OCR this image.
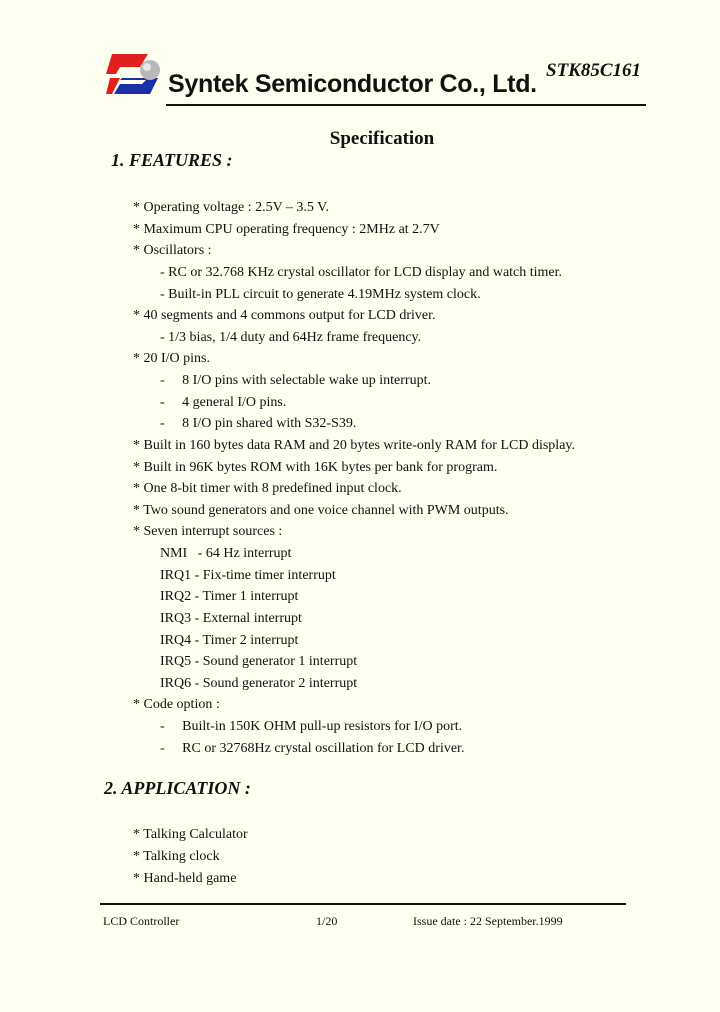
Syntek Semiconductor Co., Ltd. STK85C161
Specification
1. FEATURES :
* Operating voltage : 2.5V – 3.5 V.
* Maximum CPU operating frequency : 2MHz at 2.7V
* Oscillators :
- RC or 32.768 KHz crystal oscillator for LCD display and watch timer.
- Built-in PLL circuit to generate 4.19MHz system clock.
* 40 segments and 4 commons output for LCD driver.
- 1/3 bias, 1/4 duty and 64Hz frame frequency.
* 20 I/O pins.
-     8 I/O pins with selectable wake up interrupt.
-     4 general I/O pins.
-     8 I/O pin shared with S32-S39.
* Built in 160 bytes data RAM and 20 bytes write-only RAM for LCD display.
* Built in 96K bytes ROM with 16K bytes per bank for program.
* One 8-bit timer with 8 predefined input clock.
* Two sound generators and one voice channel with PWM outputs.
* Seven interrupt sources :
NMI   - 64 Hz interrupt
IRQ1 - Fix-time timer interrupt
IRQ2 - Timer 1 interrupt
IRQ3 - External interrupt
IRQ4 - Timer 2 interrupt
IRQ5 - Sound generator 1 interrupt
IRQ6 - Sound generator 2 interrupt
* Code option :
-     Built-in 150K OHM pull-up resistors for I/O port.
-     RC or 32768Hz crystal oscillation for LCD driver.
2. APPLICATION :
* Talking Calculator
* Talking clock
* Hand-held game
LCD Controller	1/20	Issue date : 22 September.1999
